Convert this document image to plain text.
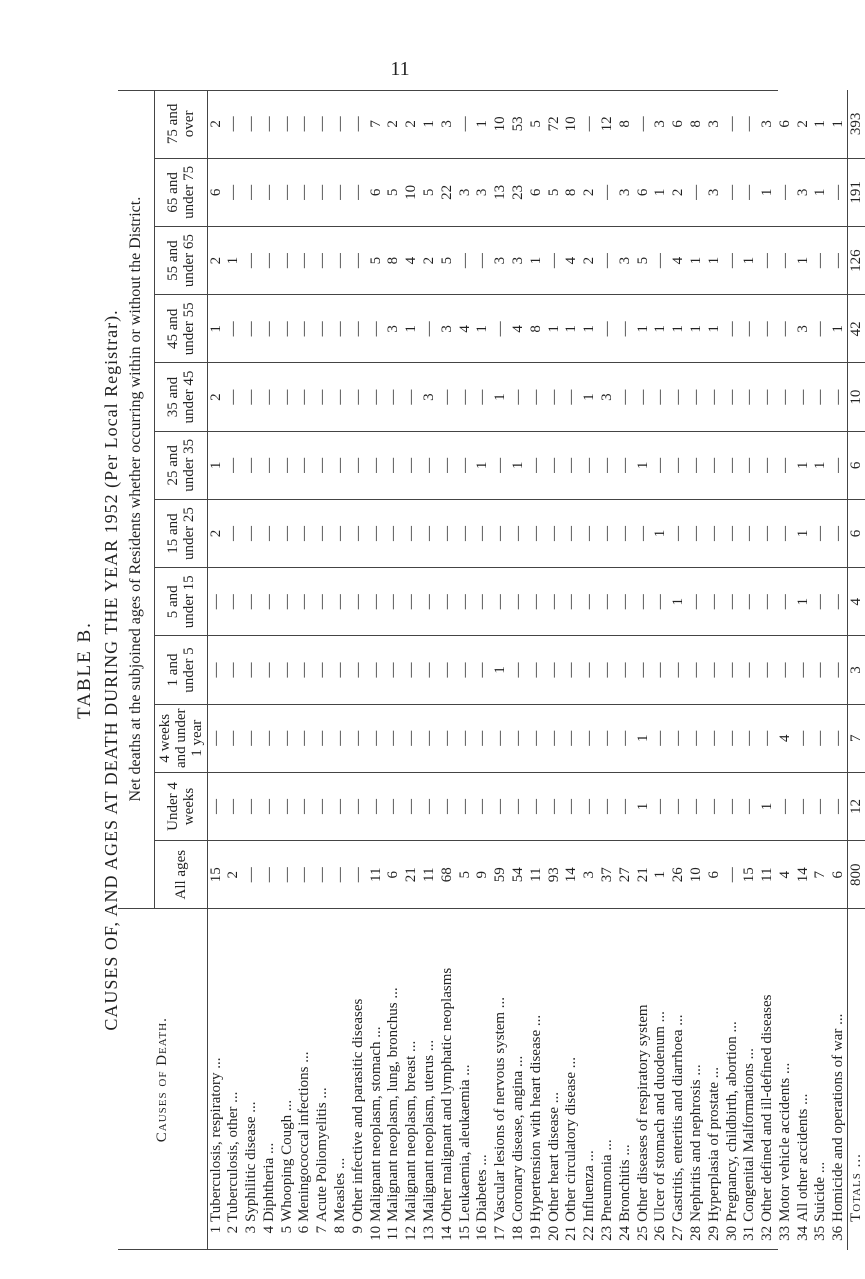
11
TABLE B. CAUSES OF, AND AGES AT DEATH DURING THE YEAR 1952 (Per Local Registrar).
Causes of Death.		Net deaths at the subjoined ages of Residents whether occurring within or without the District.											
		All ages	Under 4 weeks	4 weeks and under 1 year	1 and under 5	5 and under 15	15 and under 25	25 and under 35	35 and under 45	45 and under 55	55 and under 65	65 and under 75	75 and over
1	Tuberculosis, respiratory ...	15	—	—	—	—	2	1	2	1	2	6	2
2	Tuberculosis, other ...	2	—	—	—	—	—	—	—	—	1	—	—
3	Syphilitic disease ...	—	—	—	—	—	—	—	—	—	—	—	—
4	Diphtheria ...	—	—	—	—	—	—	—	—	—	—	—	—
5	Whooping Cough ...	—	—	—	—	—	—	—	—	—	—	—	—
6	Meningococcal infections ...	—	—	—	—	—	—	—	—	—	—	—	—
7	Acute Poliomyelitis ...	—	—	—	—	—	—	—	—	—	—	—	—
8	Measles ...	—	—	—	—	—	—	—	—	—	—	—	—
9	Other infective and parasitic diseases	—	—	—	—	—	—	—	—	—	—	—	—
10	Malignant neoplasm, stomach ...	11	—	—	—	—	—	—	—	—	5	6	7
11	Malignant neoplasm, lung, bronchus ...	6	—	—	—	—	—	—	—	3	8	5	2
12	Malignant neoplasm, breast ...	21	—	—	—	—	—	—	—	1	4	10	2
13	Malignant neoplasm, uterus ...	11	—	—	—	—	—	—	3	—	2	5	1
14	Other malignant and lymphatic neoplasms	68	—	—	—	—	—	—	—	3	5	22	3
15	Leukaemia, aleukaemia ...	5	—	—	—	—	—	—	—	4	—	3	—
16	Diabetes ...	9	—	—	—	—	—	1	—	1	—	3	1
17	Vascular lesions of nervous system ...	59	—	—	1	—	—	—	1	—	3	13	10
18	Coronary disease, angina ...	54	—	—	—	—	—	1	—	4	3	23	53
19	Hypertension with heart disease ...	11	—	—	—	—	—	—	—	8	1	6	5
20	Other heart disease ...	93	—	—	—	—	—	—	—	1	—	5	72
21	Other circulatory disease ...	14	—	—	—	—	—	—	—	1	4	8	10
22	Influenza ...	3	—	—	—	—	—	—	1	1	2	2	—
23	Pneumonia ...	37	—	—	—	—	—	—	3	—	—	—	12
24	Bronchitis ...	27	—	—	—	—	—	—	—	—	3	3	8
25	Other diseases of respiratory system	21	1	1	—	—	—	1	—	1	5	6	—
26	Ulcer of stomach and duodenum ...	1	—	—	—	—	1	—	—	1	—	1	3
27	Gastritis, enteritis and diarrhoea ...	26	—	—	—	1	—	—	—	1	4	2	6
28	Nephritis and nephrosis ...	10	—	—	—	—	—	—	—	1	1	—	8
29	Hyperplasia of prostate ...	6	—	—	—	—	—	—	—	1	1	3	3
30	Pregnancy, childbirth, abortion ...	—	—	—	—	—	—	—	—	—	—	—	—
31	Congenital Malformations ...	15	—	—	—	—	—	—	—	—	1	—	—
32	Other defined and ill-defined diseases	11	1	—	—	—	—	—	—	—	—	1	3
33	Motor vehicle accidents ...	4	—	4	—	—	—	—	—	—	—	—	6
34	All other accidents ...	14	—	—	—	1	1	1	—	3	1	3	2
35	Suicide ...	7	—	—	—	—	—	1	—	—	—	1	1
36	Homicide and operations of war ...	6	—	—	—	—	—	—	—	1	—	—	1
	Totals ...	800	12	7	3	4	6	6	10	42	126	191	393
